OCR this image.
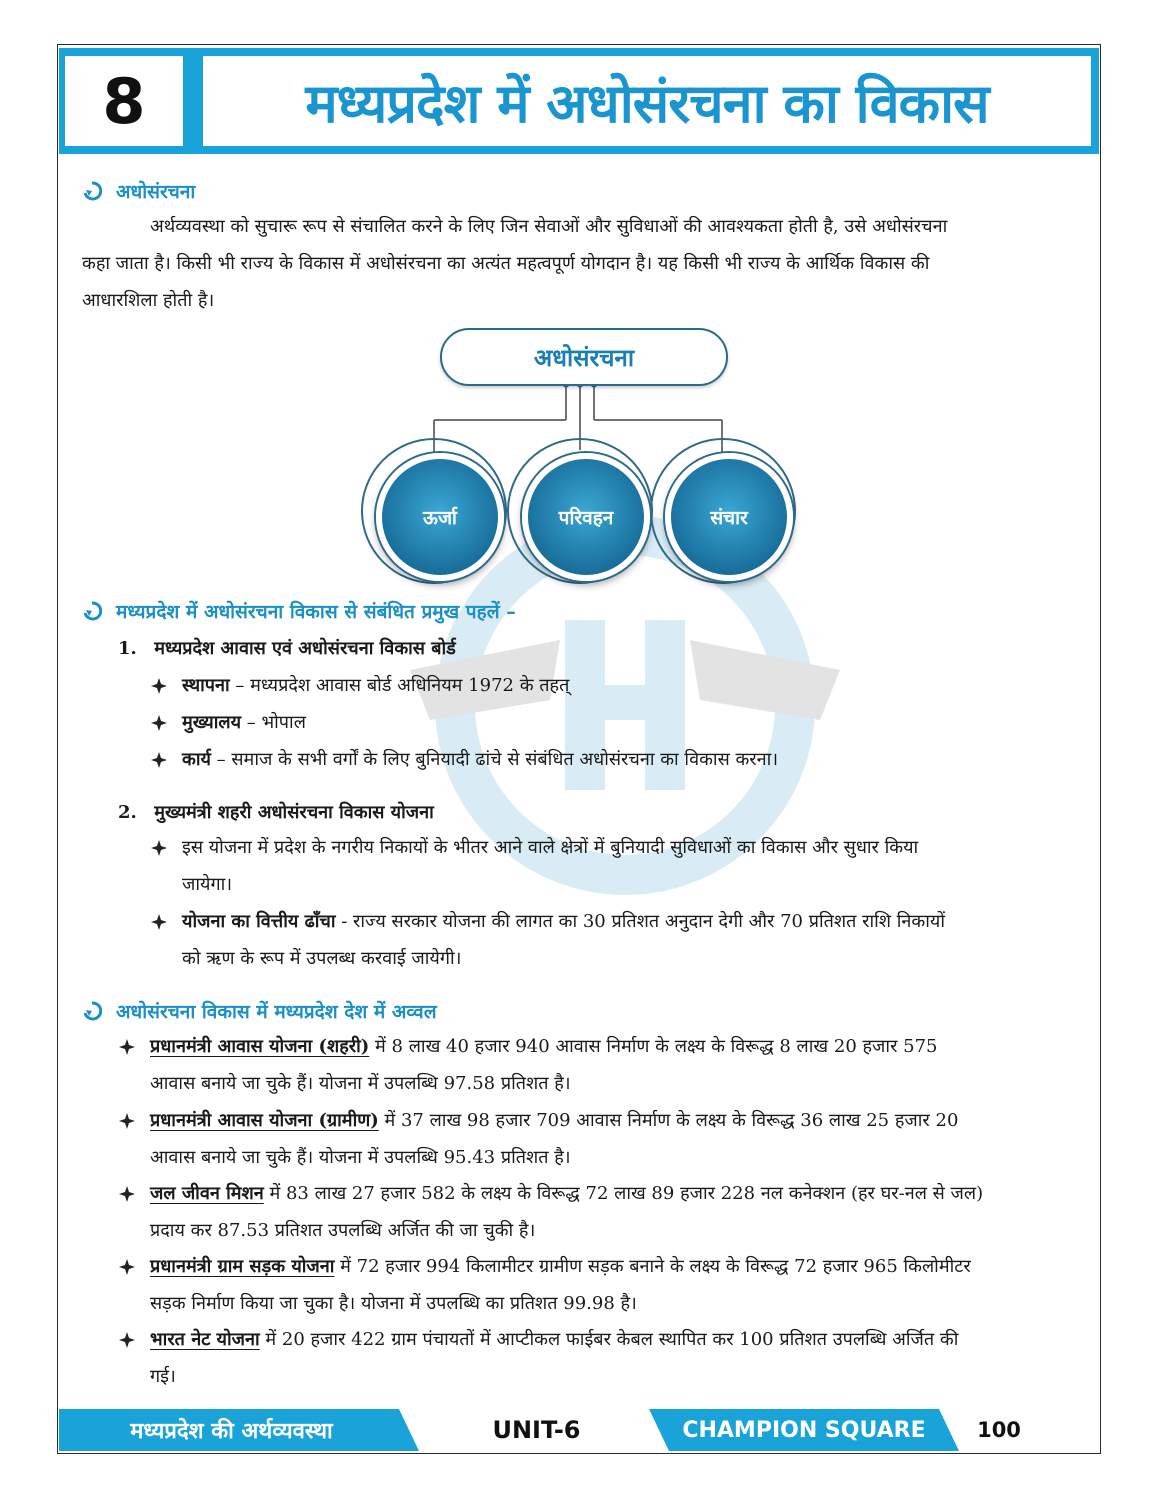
8	मध्यप्रदेश में अधोसंरचना का विकास
अधोसंरचना
अर्थव्यवस्था को सुचारू रूप से संचालित करने के लिए जिन सेवाओं और सुविधाओं की आवश्यकता होती है, उसे अधोसंरचना
कहा जाता है। किसी भी राज्य के विकास में अधोसंरचना का अत्यंत महत्वपूर्ण योगदान है। यह किसी भी राज्य के आर्थिक विकास की
आधारशिला होती है।
अधोसंरचना
ऊर्जा	परिवहन	संचार
मध्यप्रदेश में अधोसंरचना विकास से संबंधित प्रमुख पहलें –
1. मध्यप्रदेश आवास एवं अधोसंरचना विकास बोर्ड
स्थापना – मध्यप्रदेश आवास बोर्ड अधिनियम 1972 के तहत्
मुख्यालय – भोपाल
कार्य – समाज के सभी वर्गों के लिए बुनियादी ढांचे से संबंधित अधोसंरचना का विकास करना।
2. मुख्यमंत्री शहरी अधोसंरचना विकास योजना
इस योजना में प्रदेश के नगरीय निकायों के भीतर आने वाले क्षेत्रों में बुनियादी सुविधाओं का विकास और सुधार किया
जायेगा।
योजना का वित्तीय ढाँचा - राज्य सरकार योजना की लागत का 30 प्रतिशत अनुदान देगी और 70 प्रतिशत राशि निकायों
को ऋण के रूप में उपलब्ध करवाई जायेगी।
अधोसंरचना विकास में मध्यप्रदेश देश में अव्वल
प्रधानमंत्री आवास योजना (शहरी) में 8 लाख 40 हजार 940 आवास निर्माण के लक्ष्य के विरूद्ध 8 लाख 20 हजार 575
आवास बनाये जा चुके हैं। योजना में उपलब्धि 97.58 प्रतिशत है।
प्रधानमंत्री आवास योजना (ग्रामीण) में 37 लाख 98 हजार 709 आवास निर्माण के लक्ष्य के विरूद्ध 36 लाख 25 हजार 20
आवास बनाये जा चुके हैं। योजना में उपलब्धि 95.43 प्रतिशत है।
जल जीवन मिशन में 83 लाख 27 हजार 582 के लक्ष्य के विरूद्ध 72 लाख 89 हजार 228 नल कनेक्शन (हर घर-नल से जल)
प्रदाय कर 87.53 प्रतिशत उपलब्धि अर्जित की जा चुकी है।
प्रधानमंत्री ग्राम सड़क योजना में 72 हजार 994 किलामीटर ग्रामीण सड़क बनाने के लक्ष्य के विरूद्ध 72 हजार 965 किलोमीटर
सड़क निर्माण किया जा चुका है। योजना में उपलब्धि का प्रतिशत 99.98 है।
भारत नेट योजना में 20 हजार 422 ग्राम पंचायतों में आप्टीकल फाईबर केबल स्थापित कर 100 प्रतिशत उपलब्धि अर्जित की
गई।
मध्यप्रदेश की अर्थव्यवस्था	UNIT-6	CHAMPION SQUARE	100
